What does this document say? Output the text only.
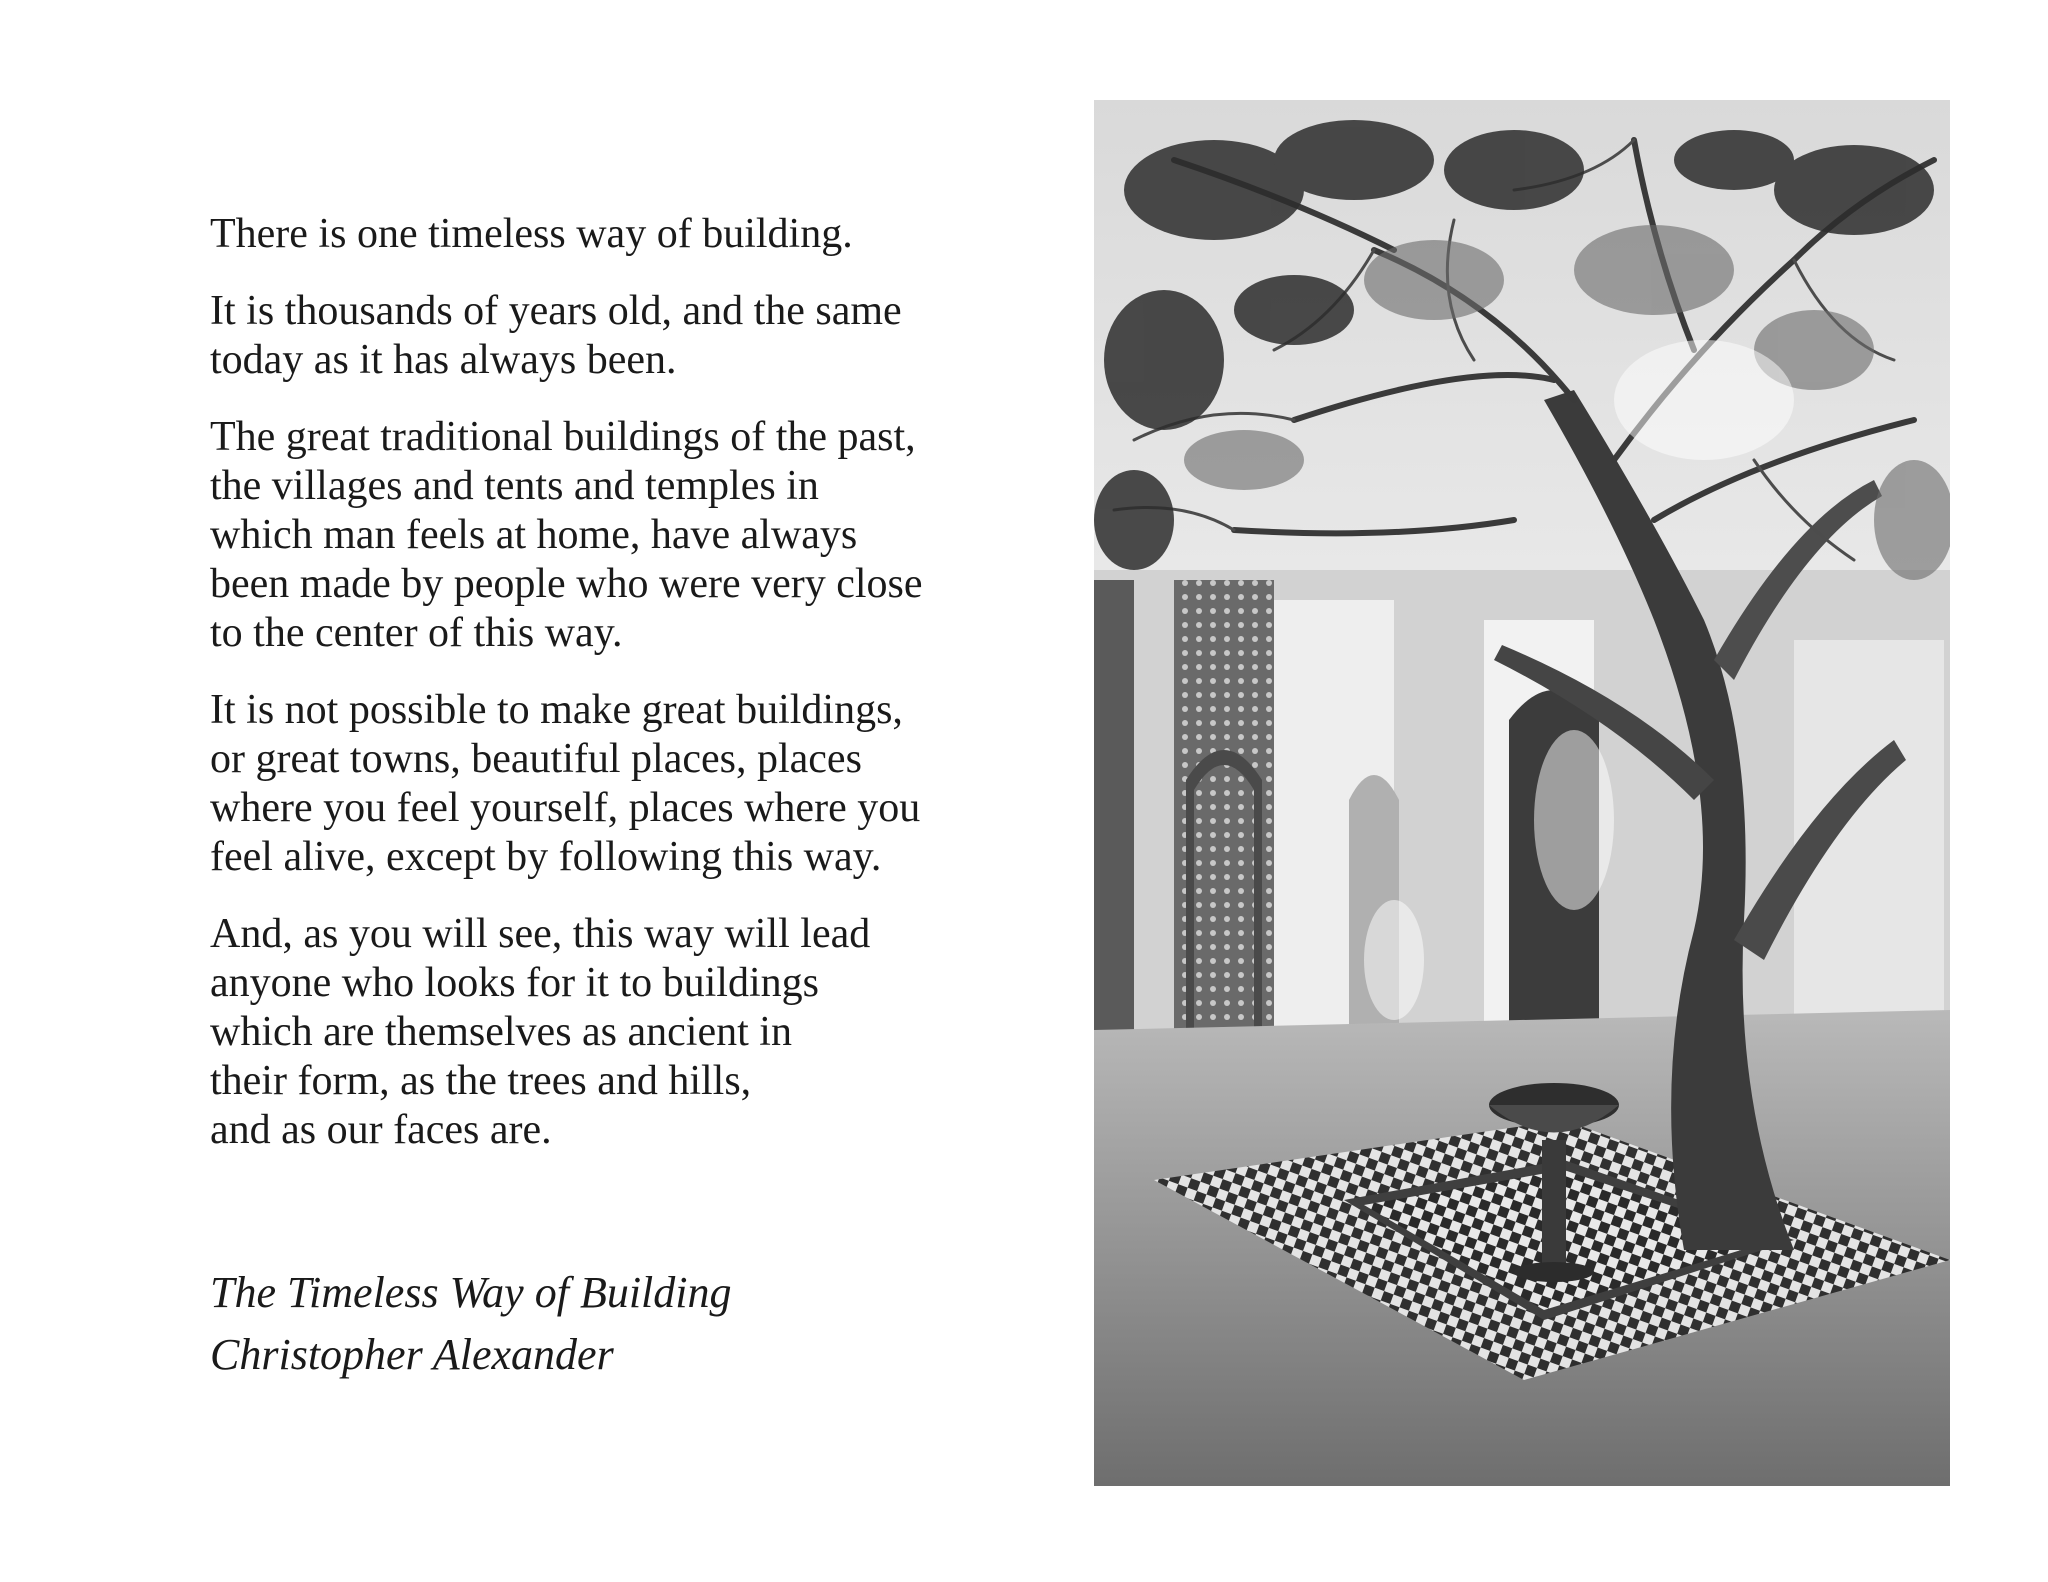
There is one timeless way of building.

It is thousands of years old, and the same
today as it has always been.

The great traditional buildings of the past,
the villages and tents and temples in
which man feels at home, have always
been made by people who were very close
to the center of this way.

It is not possible to make great buildings,
or great towns, beautiful places, places
where you feel yourself, places where you
feel alive, except by following this way.

And, as you will see, this way will lead
anyone who looks for it to buildings
which are themselves as ancient in
their form, as the trees and hills,
and as our faces are.

The Timeless Way of Building
Christopher Alexander
